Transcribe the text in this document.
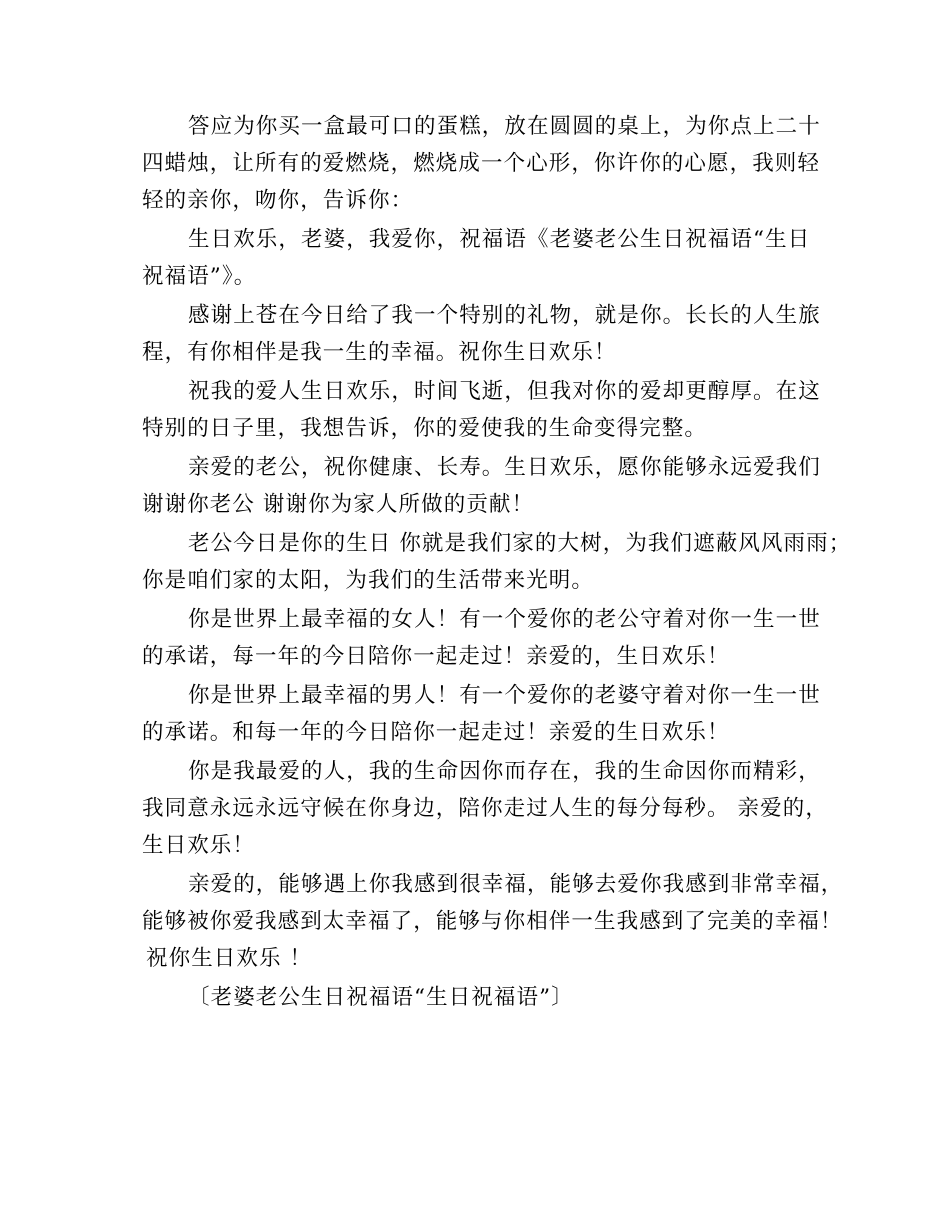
答应为你买一盒最可口的蛋糕，放在圆圆的桌上，为你点上二十
四蜡烛，让所有的爱燃烧，燃烧成一个心形，你许你的心愿，我则轻
轻的亲你，吻你，告诉你：

生日欢乐，老婆，我爱你，祝福语《老婆老公生日祝福语“生日
祝福语”》。

感谢上苍在今日给了我一个特别的礼物，就是你。长长的人生旅
程，有你相伴是我一生的幸福。祝你生日欢乐！

祝我的爱人生日欢乐，时间飞逝，但我对你的爱却更醇厚。在这
特别的日子里，我想告诉，你的爱使我的生命变得完整。

亲爱的老公，祝你健康、长寿。生日欢乐，愿你能够永远爱我们
谢谢你老公 谢谢你为家人所做的贡献！

老公今日是你的生日 你就是我们家的大树，为我们遮蔽风风雨雨；
你是咱们家的太阳，为我们的生活带来光明。

你是世界上最幸福的女人！有一个爱你的老公守着对你一生一世
的承诺，每一年的今日陪你一起走过！亲爱的，生日欢乐！

你是世界上最幸福的男人！有一个爱你的老婆守着对你一生一世
的承诺。和每一年的今日陪你一起走过！亲爱的生日欢乐！

你是我最爱的人，我的生命因你而存在，我的生命因你而精彩，
我同意永远永远守候在你身边，陪你走过人生的每分每秒。 亲爱的，
生日欢乐！

亲爱的，能够遇上你我感到很幸福，能够去爱你我感到非常幸福，
能够被你爱我感到太幸福了，能够与你相伴一生我感到了完美的幸福！
祝你生日欢乐 ！

〔老婆老公生日祝福语“生日祝福语”〕
